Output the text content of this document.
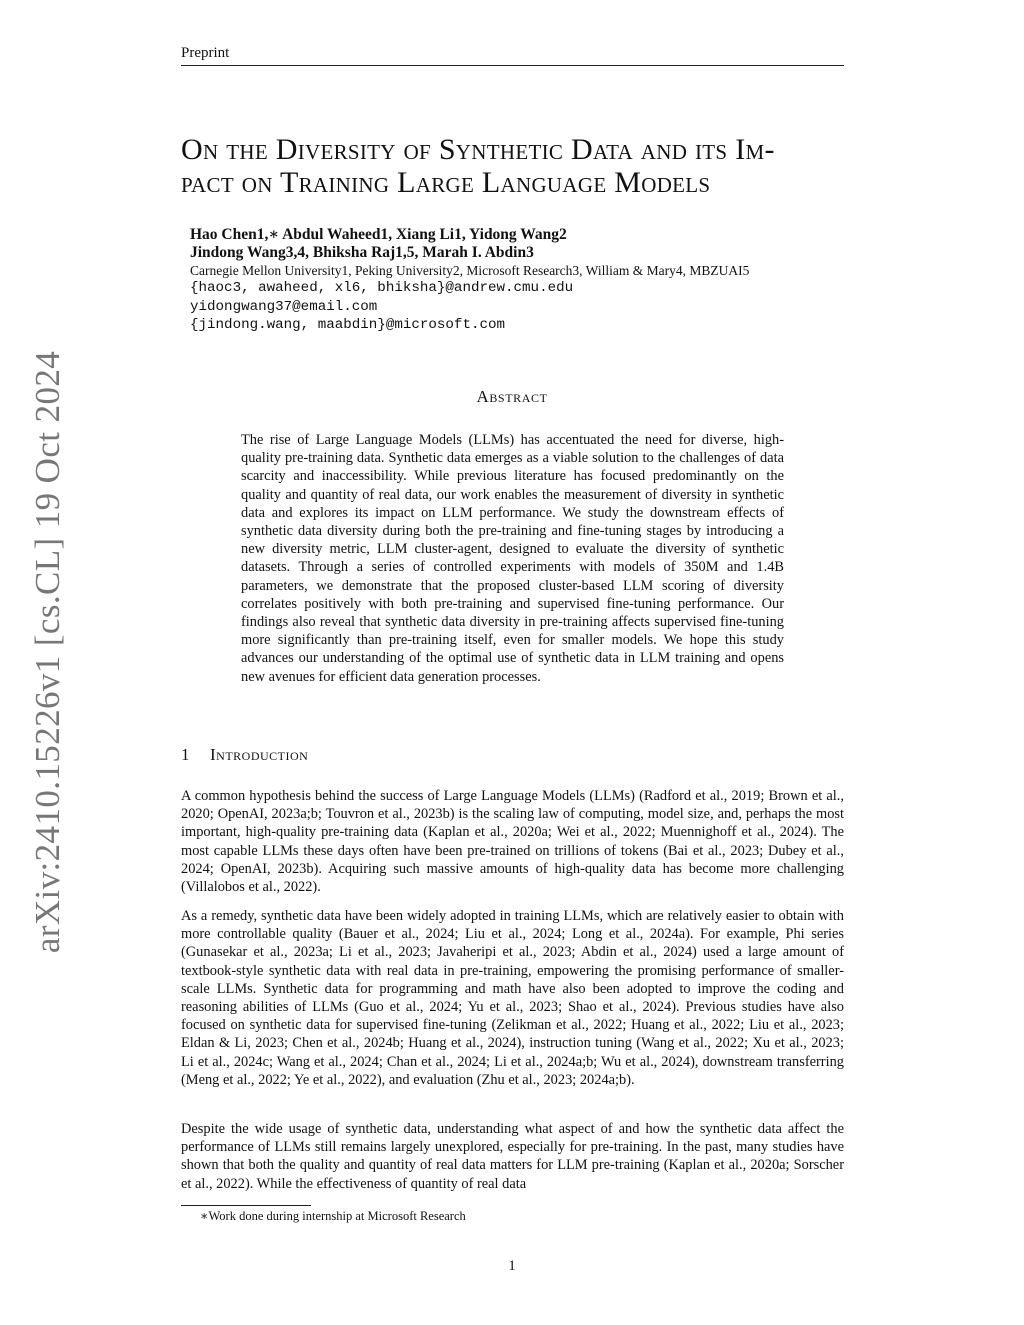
Preprint
arXiv:2410.15226v1 [cs.CL] 19 Oct 2024
On the Diversity of Synthetic Data and its Im-
pact on Training Large Language Models
Hao Chen1,∗ Abdul Waheed1, Xiang Li1, Yidong Wang2
Jindong Wang3,4, Bhiksha Raj1,5, Marah I. Abdin3
Carnegie Mellon University1, Peking University2, Microsoft Research3, William & Mary4, MBZUAI5
{haoc3, awaheed, xl6, bhiksha}@andrew.cmu.edu
yidongwang37@email.com
{jindong.wang, maabdin}@microsoft.com
Abstract

The rise of Large Language Models (LLMs) has accentuated the need for diverse, high-quality pre-training data. Synthetic data emerges as a viable solution to the challenges of data scarcity and inaccessibility. While previous literature has focused predominantly on the quality and quantity of real data, our work enables the measurement of diversity in synthetic data and explores its impact on LLM performance. We study the downstream effects of synthetic data diversity during both the pre-training and fine-tuning stages by introducing a new diversity metric, LLM cluster-agent, designed to evaluate the diversity of synthetic datasets. Through a series of controlled experiments with models of 350M and 1.4B parameters, we demonstrate that the proposed cluster-based LLM scoring of diversity correlates positively with both pre-training and supervised fine-tuning performance. Our findings also reveal that synthetic data diversity in pre-training affects supervised fine-tuning more significantly than pre-training itself, even for smaller models. We hope this study advances our understanding of the optimal use of synthetic data in LLM training and opens new avenues for efficient data generation processes.

1 Introduction

A common hypothesis behind the success of Large Language Models (LLMs) (Radford et al., 2019; Brown et al., 2020; OpenAI, 2023a;b; Touvron et al., 2023b) is the scaling law of computing, model size, and, perhaps the most important, high-quality pre-training data (Kaplan et al., 2020a; Wei et al., 2022; Muennighoff et al., 2024). The most capable LLMs these days often have been pre-trained on trillions of tokens (Bai et al., 2023; Dubey et al., 2024; OpenAI, 2023b). Acquiring such massive amounts of high-quality data has become more challenging (Villalobos et al., 2022).

As a remedy, synthetic data have been widely adopted in training LLMs, which are relatively easier to obtain with more controllable quality (Bauer et al., 2024; Liu et al., 2024; Long et al., 2024a). For example, Phi series (Gunasekar et al., 2023a; Li et al., 2023; Javaheripi et al., 2023; Abdin et al., 2024) used a large amount of textbook-style synthetic data with real data in pre-training, empowering the promising performance of smaller-scale LLMs. Synthetic data for programming and math have also been adopted to improve the coding and reasoning abilities of LLMs (Guo et al., 2024; Yu et al., 2023; Shao et al., 2024). Previous studies have also focused on synthetic data for supervised fine-tuning (Zelikman et al., 2022; Huang et al., 2022; Liu et al., 2023; Eldan & Li, 2023; Chen et al., 2024b; Huang et al., 2024), instruction tuning (Wang et al., 2022; Xu et al., 2023; Li et al., 2024c; Wang et al., 2024; Chan et al., 2024; Li et al., 2024a;b; Wu et al., 2024), downstream transferring (Meng et al., 2022; Ye et al., 2022), and evaluation (Zhu et al., 2023; 2024a;b).

Despite the wide usage of synthetic data, understanding what aspect of and how the synthetic data affect the performance of LLMs still remains largely unexplored, especially for pre-training. In the past, many studies have shown that both the quality and quantity of real data matters for LLM pre-training (Kaplan et al., 2020a; Sorscher et al., 2022). While the effectiveness of quantity of real data

∗Work done during internship at Microsoft Research
1
